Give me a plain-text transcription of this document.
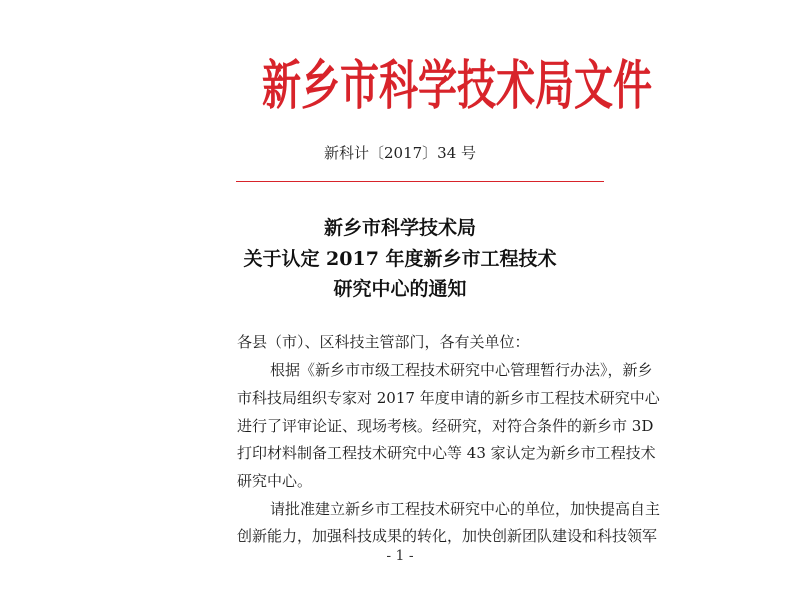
新乡市科学技术局文件
新科计〔2017〕34 号
新乡市科学技术局
关于认定 2017 年度新乡市工程技术
研究中心的通知
各县（市）、区科技主管部门，各有关单位：
根据《新乡市市级工程技术研究中心管理暂行办法》，新乡
市科技局组织专家对 2017 年度申请的新乡市工程技术研究中心
进行了评审论证、现场考核。经研究，对符合条件的新乡市 3D
打印材料制备工程技术研究中心等 43 家认定为新乡市工程技术
研究中心。
请批准建立新乡市工程技术研究中心的单位，加快提高自主
创新能力，加强科技成果的转化，加快创新团队建设和科技领军
- 1 -
